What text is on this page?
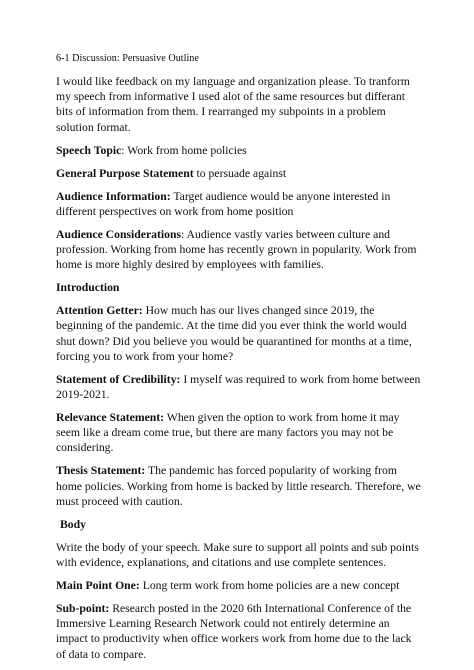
6-1 Discussion: Persuasive Outline

I would like feedback on my language and organization please. To tranform my speech from informative I used alot of the same resources but differant bits of information from them. I rearranged my subpoints in a problem solution format.

Speech Topic: Work from home policies

General Purpose Statement to persuade against

Audience Information: Target audience would be anyone interested in different perspectives on work from home position

Audience Considerations: Audience vastly varies between culture and profession. Working from home has recently grown in popularity. Work from home is more highly desired by employees with families.

Introduction

Attention Getter: How much has our lives changed since 2019, the beginning of the pandemic. At the time did you ever think the world would shut down? Did you believe you would be quarantined for months at a time, forcing you to work from your home?

Statement of Credibility: I myself was required to work from home between 2019-2021.

Relevance Statement: When given the option to work from home it may seem like a dream come true, but there are many factors you may not be considering.

Thesis Statement: The pandemic has forced popularity of working from home policies. Working from home is backed by little research. Therefore, we must proceed with caution.

Body

Write the body of your speech. Make sure to support all points and sub points with evidence, explanations, and citations and use complete sentences.

Main Point One: Long term work from home policies are a new concept

Sub-point: Research posted in the 2020 6th International Conference of the Immersive Learning Research Network could not entirely determine an impact to productivity when office workers work from home due to the lack of data to compare.
